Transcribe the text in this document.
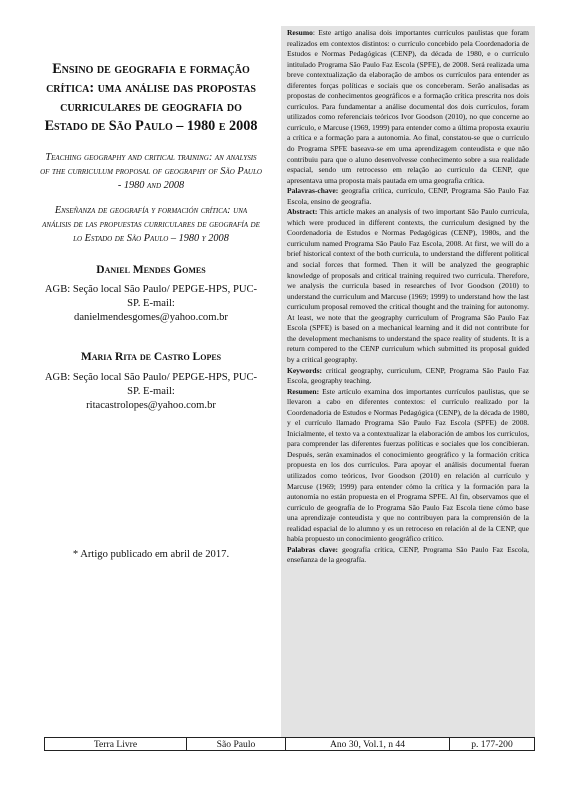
Ensino de geografia e formação crítica: uma análise das propostas curriculares de geografia do Estado de São Paulo – 1980 e 2008

Teaching geography and critical training: an analysis of the curriculum proposal of geography of São Paulo - 1980 and 2008

Enseñanza de geografía y formación crítica: una análisis de las propuestas curriculares de geografía de lo Estado de São Paulo – 1980 y 2008

Daniel Mendes Gomes

AGB: Seção local São Paulo/ PEPGE-HPS, PUC-SP. E-mail:

danielmendesgomes@yahoo.com.br

Maria Rita de Castro Lopes

AGB: Seção local São Paulo/ PEPGE-HPS, PUC-SP. E-mail:

ritacastrolopes@yahoo.com.br

* Artigo publicado em abril de 2017.

Resumo: Este artigo analisa dois importantes currículos paulistas que foram realizados em contextos distintos: o currículo concebido pela Coordenadoria de Estudos e Normas Pedagógicas (CENP), da década de 1980, e o currículo intitulado Programa São Paulo Faz Escola (SPFE), de 2008. Será realizada uma breve contextualização da elaboração de ambos os currículos para entender as diferentes forças políticas e sociais que os conceberam. Serão analisadas as propostas de conhecimentos geográficos e a formação crítica prescrita nos dois currículos. Para fundamentar a análise documental dos dois currículos, foram utilizados como referenciais teóricos Ivor Goodson (2010), no que concerne ao currículo, e Marcuse (1969, 1999) para entender como a última proposta exauriu a crítica e a formação para a autonomia. Ao final, constatou-se que o currículo do Programa SPFE baseava-se em uma aprendizagem conteudista e que não contribuiu para que o aluno desenvolvesse conhecimento sobre a sua realidade espacial, sendo um retrocesso em relação ao currículo da CENP, que apresentava uma proposta mais pautada em uma geografia crítica.

Palavras-chave: geografia crítica, currículo, CENP, Programa São Paulo Faz Escola, ensino de geografia.

Abstract: This article makes an analysis of two important São Paulo curricula, which were produced in different contexts, the curriculum designed by the Coordenadoria de Estudos e Normas Pedagógicas (CENP), 1980s, and the curriculum named Programa São Paulo Faz Escola, 2008. At first, we will do a brief historical context of the both curricula, to understand the different political and social forces that formed. Then it will be analyzed the geographic knowledge of proposals and critical training required two curricula. Therefore, we analysis the curricula based in researches of Ivor Goodson (2010) to understand the curriculum and Marcuse (1969; 1999) to understand how the last curriculum proposal removed the critical thought and the training for autonomy. At least, we note that the geography curriculum of Programa São Paulo Faz Escola (SPFE) is based on a mechanical learning and it did not contribute for the development mechanisms to understand the space reality of students. It is a return compered to the CENP curriculum which submitted its proposal guided by a critical geography.

Keywords: critical geography, curriculum, CENP, Programa São Paulo Faz Escola, geography teaching.

Resumen: Este artículo examina dos importantes currículos paulistas, que se llevaron a cabo en diferentes contextos: el currículo realizado por la Coordenadoria de Estudos e Normas Pedagógica (CENP), de la década de 1980, y el currículo llamado Programa São Paulo Faz Escola (SPFE) de 2008. Inicialmente, el texto va a contextualizar la elaboración de ambos los currículos, para comprender las diferentes fuerzas políticas e sociales que los concibieran. Después, serán examinados el conocimiento geográfico y la formación crítica propuesta en los dos currículos. Para apoyar el análisis documental fueran utilizados como teóricos, Ivor Goodson (2010) en relación al currículo y Marcuse (1969; 1999) para entender cómo la crítica y la formación para la autonomía no están propuesta en el Programa SPFE. Al fin, observamos que el currículo de geografía de lo Programa São Paulo Faz Escola tiene cómo base una aprendizaje conteudista y que no contribuyen para la comprensión de la realidad espacial de lo alumno y es un retroceso en relación al de la CENP, que había propuesto un conocimiento geográfico crítico.

Palabras clave: geografía crítica, CENP, Programa São Paulo Faz Escola, enseñanza de la geografía.

Terra Livre	São Paulo	Ano 30, Vol.1, n 44	p. 177-200
